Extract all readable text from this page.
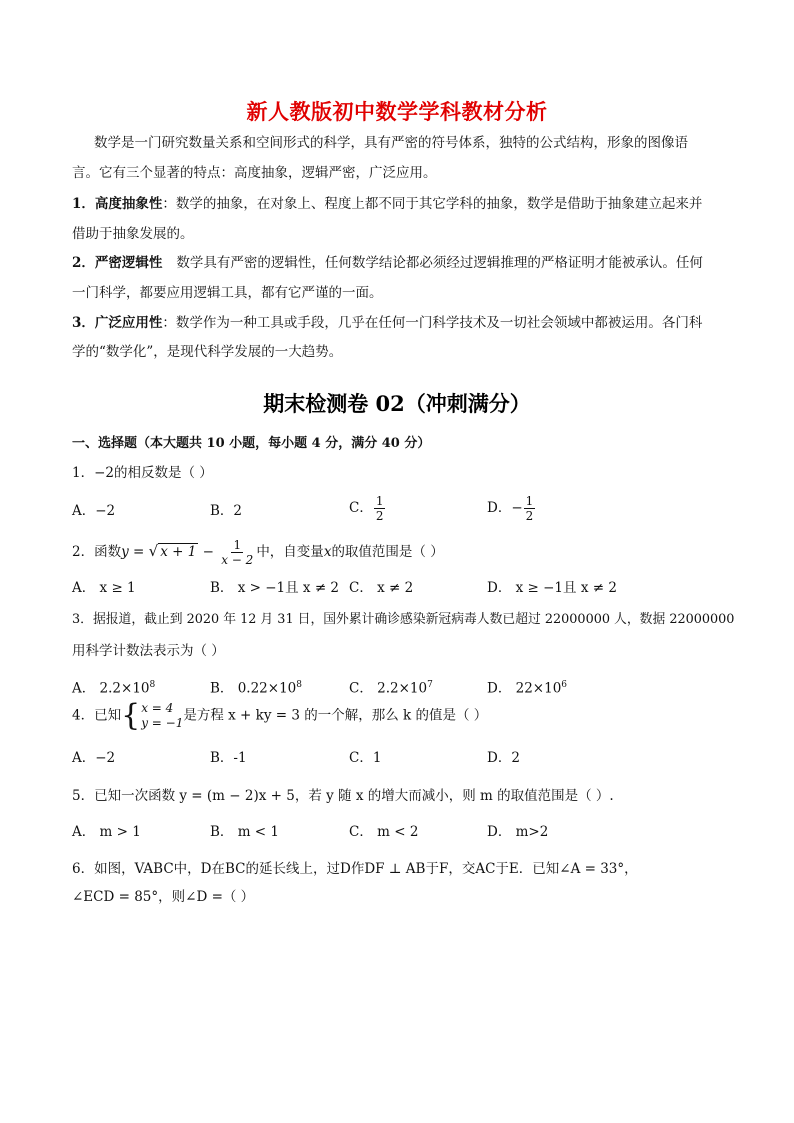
新人教版初中数学学科教材分析
数学是一门研究数量关系和空间形式的科学，具有严密的符号体系，独特的公式结构，形象的图像语
言。它有三个显著的特点：高度抽象，逻辑严密，广泛应用。
1．高度抽象性：数学的抽象，在对象上、程度上都不同于其它学科的抽象，数学是借助于抽象建立起来并
借助于抽象发展的。
2．严密逻辑性 数学具有严密的逻辑性，任何数学结论都必须经过逻辑推理的严格证明才能被承认。任何
一门科学，都要应用逻辑工具，都有它严谨的一面。
3．广泛应用性：数学作为一种工具或手段，几乎在任何一门科学技术及一切社会领域中都被运用。各门科
学的“数学化”，是现代科学发展的一大趋势。
期末检测卷 02（冲刺满分）
一、选择题（本大题共 10 小题，每小题 4 分，满分 40 分）
1．−2的相反数是（ ）
A．−2	B．2	C． $\frac{1}{2}$	D．− $\frac{1}{2}$
2．函数y = √ $x + 1 - \frac{1}{x - 2}$ 中，自变量x的取值范围是（ ）
A． x ≥ 1	B． x > −1且 x ≠ 2 C． x ≠ 2	D． x ≥ −1且 x ≠ 2
3．据报道，截止到 2020 年 12 月 31 日，国外累计确诊感染新冠病毒人数已超过 22000000 人，数据 22000000
用科学计数法表示为（ ）
A． $2.2\times 10^8$	B． $0.22\times 10^8$	C． $2.2\times 10^7$	D． $22\times 10^6$
4．已知 { x = 4
y = −1 是方程 x + ky = 3 的一个解，那么 k 的值是（ ）
A．−2	B．-1	C．1	D．2
5．已知一次函数 y = (m − 2)x + 5，若 y 随 x 的增大而减小，则 m 的取值范围是（ ）.
A． m > 1	B． m < 1	C． m < 2	D． m>2
6．如图，VABC中，D在BC的延长线上，过D作DF ⊥ AB于F，交AC于E．已知∠A = 33°，
∠ECD = 85°，则∠D =（ ）
